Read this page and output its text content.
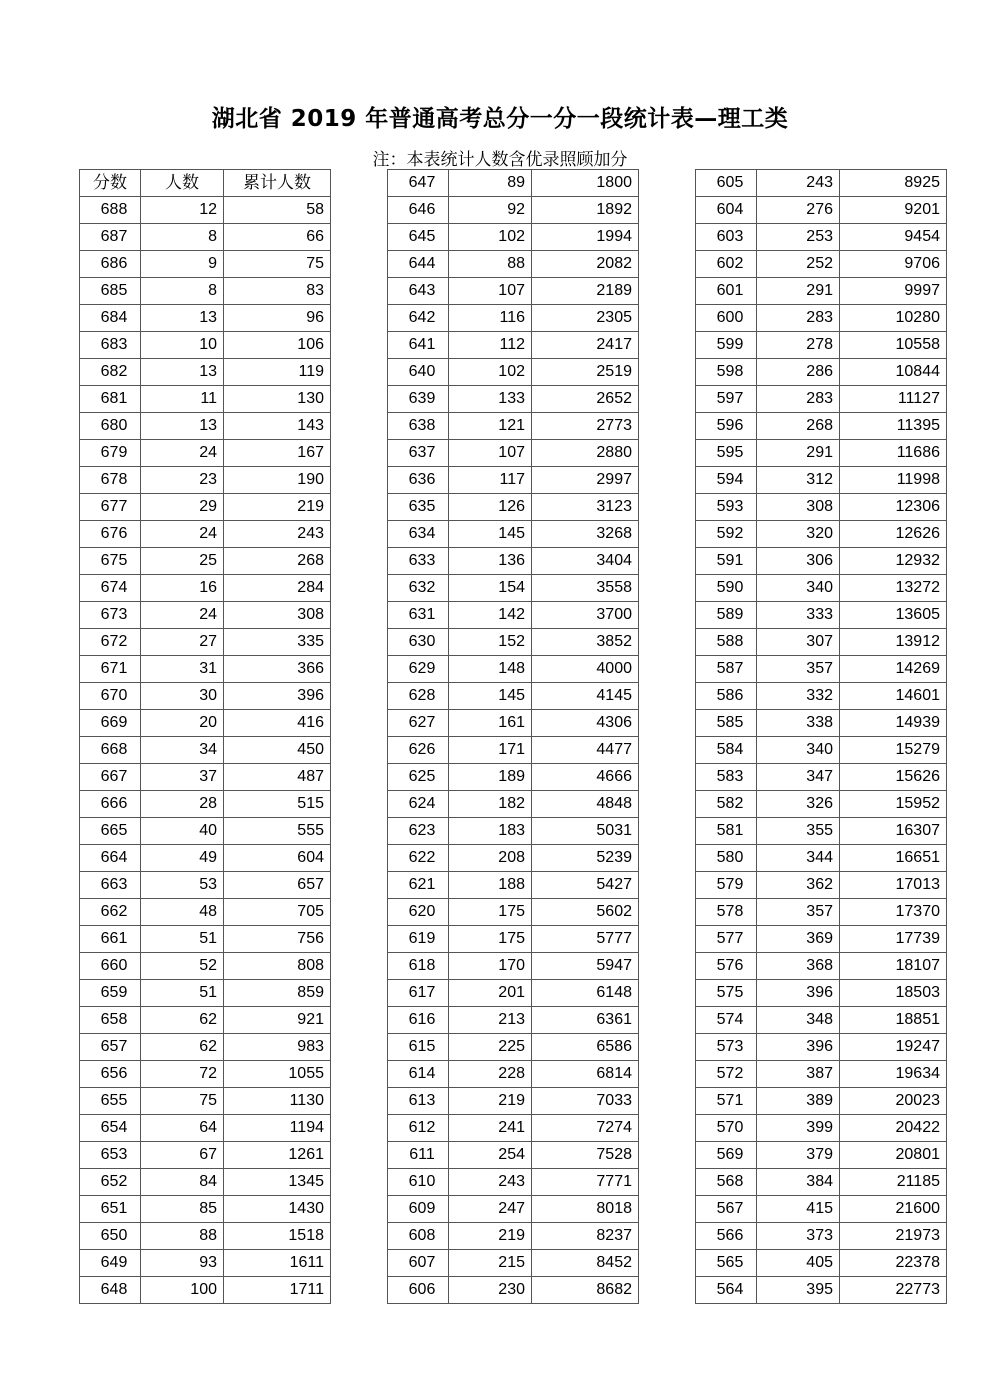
湖北省 2019 年普通高考总分一分一段统计表—理工类
注：本表统计人数含优录照顾加分
分数	人数	累计人数
688	12	58
687	8	66
686	9	75
685	8	83
684	13	96
683	10	106
682	13	119
681	11	130
680	13	143
679	24	167
678	23	190
677	29	219
676	24	243
675	25	268
674	16	284
673	24	308
672	27	335
671	31	366
670	30	396
669	20	416
668	34	450
667	37	487
666	28	515
665	40	555
664	49	604
663	53	657
662	48	705
661	51	756
660	52	808
659	51	859
658	62	921
657	62	983
656	72	1055
655	75	1130
654	64	1194
653	67	1261
652	84	1345
651	85	1430
650	88	1518
649	93	1611
648	100	1711
647	89	1800
646	92	1892
645	102	1994
644	88	2082
643	107	2189
642	116	2305
641	112	2417
640	102	2519
639	133	2652
638	121	2773
637	107	2880
636	117	2997
635	126	3123
634	145	3268
633	136	3404
632	154	3558
631	142	3700
630	152	3852
629	148	4000
628	145	4145
627	161	4306
626	171	4477
625	189	4666
624	182	4848
623	183	5031
622	208	5239
621	188	5427
620	175	5602
619	175	5777
618	170	5947
617	201	6148
616	213	6361
615	225	6586
614	228	6814
613	219	7033
612	241	7274
611	254	7528
610	243	7771
609	247	8018
608	219	8237
607	215	8452
606	230	8682
605	243	8925
604	276	9201
603	253	9454
602	252	9706
601	291	9997
600	283	10280
599	278	10558
598	286	10844
597	283	11127
596	268	11395
595	291	11686
594	312	11998
593	308	12306
592	320	12626
591	306	12932
590	340	13272
589	333	13605
588	307	13912
587	357	14269
586	332	14601
585	338	14939
584	340	15279
583	347	15626
582	326	15952
581	355	16307
580	344	16651
579	362	17013
578	357	17370
577	369	17739
576	368	18107
575	396	18503
574	348	18851
573	396	19247
572	387	19634
571	389	20023
570	399	20422
569	379	20801
568	384	21185
567	415	21600
566	373	21973
565	405	22378
564	395	22773
